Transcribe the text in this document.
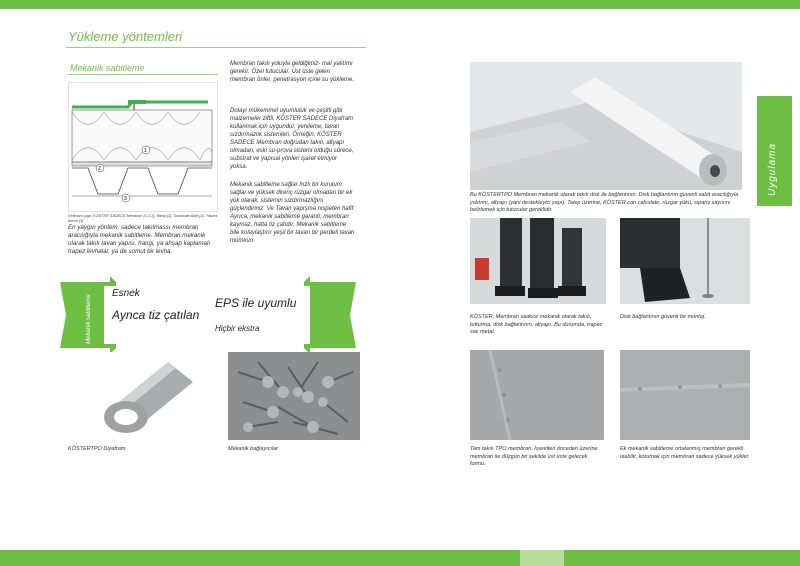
Yükleme yöntemleri
Mekanik sabitleme
1
2
3
Kelimanı yapı: KÖSTER SADECE Membran (1,2,3), fitting (1), Substrate Aktif (2), Trapez formu (3)
En yaygın yöntem, sadece takılmassı membran aracılığıyla mekanik sabitleme. Membran mekanik olarak takılı tavan yapısı, hangi, ya ahşap kaplamalı trapez levhalar, ya de somut bir levha.
Membran takılı yoluyla geldiğimiz- mal yalıtımı gerekir. Özel tutucular. Üst üste gelen membran önler, penetrasyon içine su yükleme.
Dolayı mükemmel uyumluluk ve çeşitli gibi malzemeler ziftli, KÖSTER SADECE Diyafram kullanmak için uygundur, yenileme, tavan sızdırmazlık sistemleri. Örneğin, KÖSTER SADECE Membran doğrudan takılı, altyapı olmadan, eski su-prova sistemi olduğu sürece, substrat ve yapısal yönleri işaret etmiyor yoksa.
Mekanik sabitleme sağlar hızlı bir kurulum sağlar ve yüksek direnç rüzgar olmadan bir ek yük olarak, sistemin sızdırmazlığını güçlendiriniz. Ve Tavan yapışma nispeten hafif. Ayrıca, mekanik sabitleme garanti, membran kaymaz, hatta tiz çatıdır. Mekanik sabitleme bile kolaylaştırır yeşil bir tavan bir perdeli tavan mümkün.
Mekanik sabitleme
Esnek
EPS ile uyumlu
Aynca tiz çatılan
Hiçbir ekstra
KÖSTERTPO Diyafram	Mekanik bağlayıcılar
Bu KÖSTERTPO Membran mekanik olarak takılı disk ile bağlantının. Disk bağlantının güvenli sabit aracılığıyla yalıtımı, altyapı (yani destekleyici yapı). Talep üzerine, KÖSTER can calculate, rüzgar yükü, sipariş sayısını belirlemek için tutucular gereklidir.
KÖSTER, Membran sadece mekanik olarak takılı, tutturma, disk bağlantının, altyapı. Bu durumda, trapez sac metal.
Disk bağlantının güvenli bir montaj.
Tam takılı TPO membran. İşaretleri önceden üzerine membran ile düzgün bir şekilde üst üste gelecek formu.
Ek mekanik sabitleme ortalanmış membran gerekli olabilir, korumak için membran sadece yüksek yükler.
Uygulama
